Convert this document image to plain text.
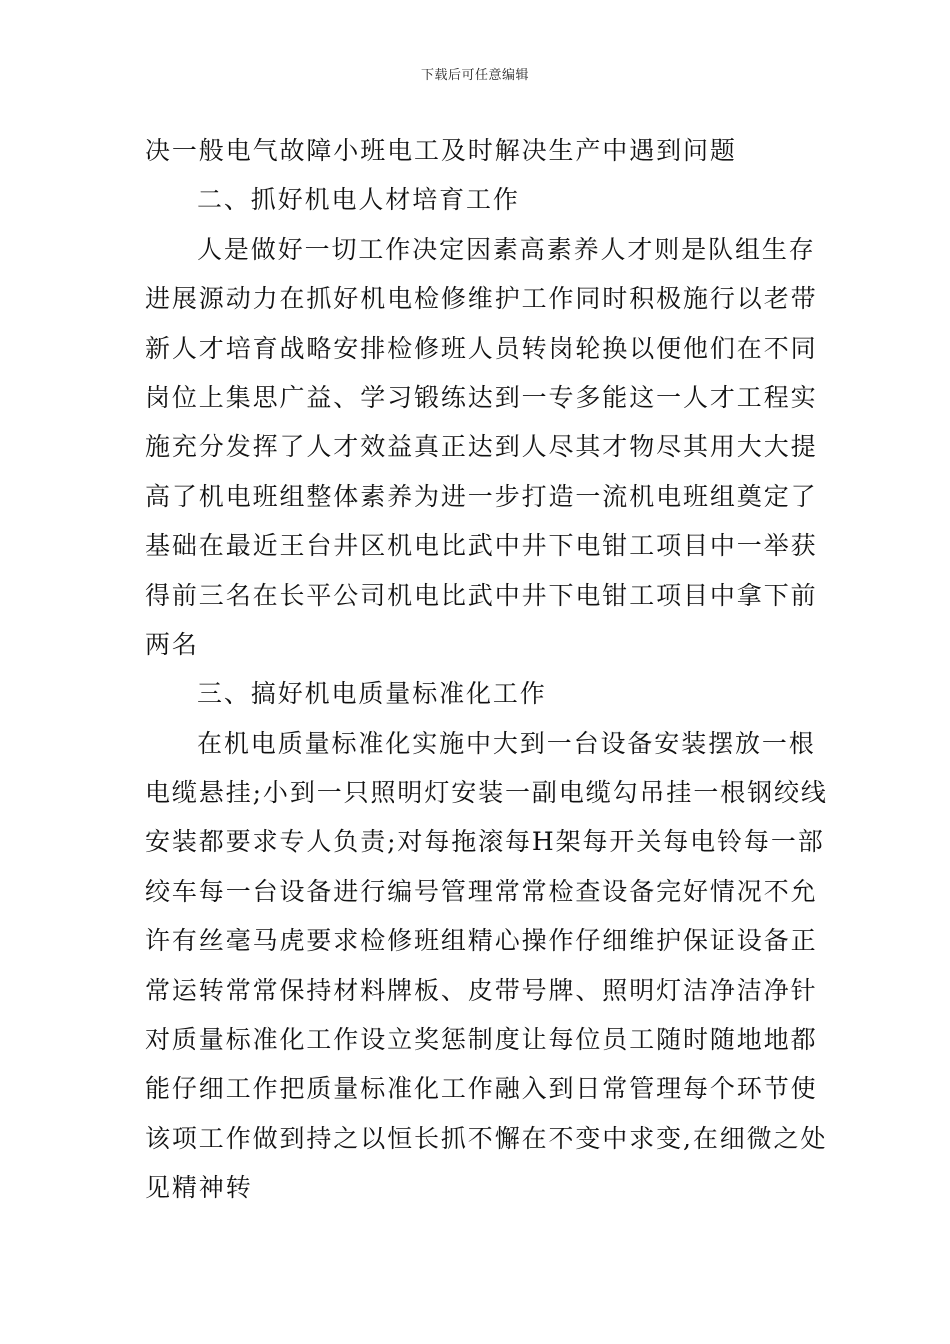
下载后可任意编辑
决一般电气故障小班电工及时解决生产中遇到问题
二、抓好机电人材培育工作
人是做好一切工作决定因素高素养人才则是队组生存
进展源动力在抓好机电检修维护工作同时积极施行以老带
新人才培育战略安排检修班人员转岗轮换以便他们在不同
岗位上集思广益、学习锻练达到一专多能这一人才工程实
施充分发挥了人才效益真正达到人尽其才物尽其用大大提
高了机电班组整体素养为进一步打造一流机电班组奠定了
基础在最近王台井区机电比武中井下电钳工项目中一举获
得前三名在长平公司机电比武中井下电钳工项目中拿下前
两名
三、搞好机电质量标准化工作
在机电质量标准化实施中大到一台设备安装摆放一根
电缆悬挂;小到一只照明灯安装一副电缆勾吊挂一根钢绞线
安装都要求专人负责;对每拖滚每H架每开关每电铃每一部
绞车每一台设备进行编号管理常常检查设备完好情况不允
许有丝毫马虎要求检修班组精心操作仔细维护保证设备正
常运转常常保持材料牌板、皮带号牌、照明灯洁净洁净针
对质量标准化工作设立奖惩制度让每位员工随时随地地都
能仔细工作把质量标准化工作融入到日常管理每个环节使
该项工作做到持之以恒长抓不懈在不变中求变,在细微之处
见精神转
